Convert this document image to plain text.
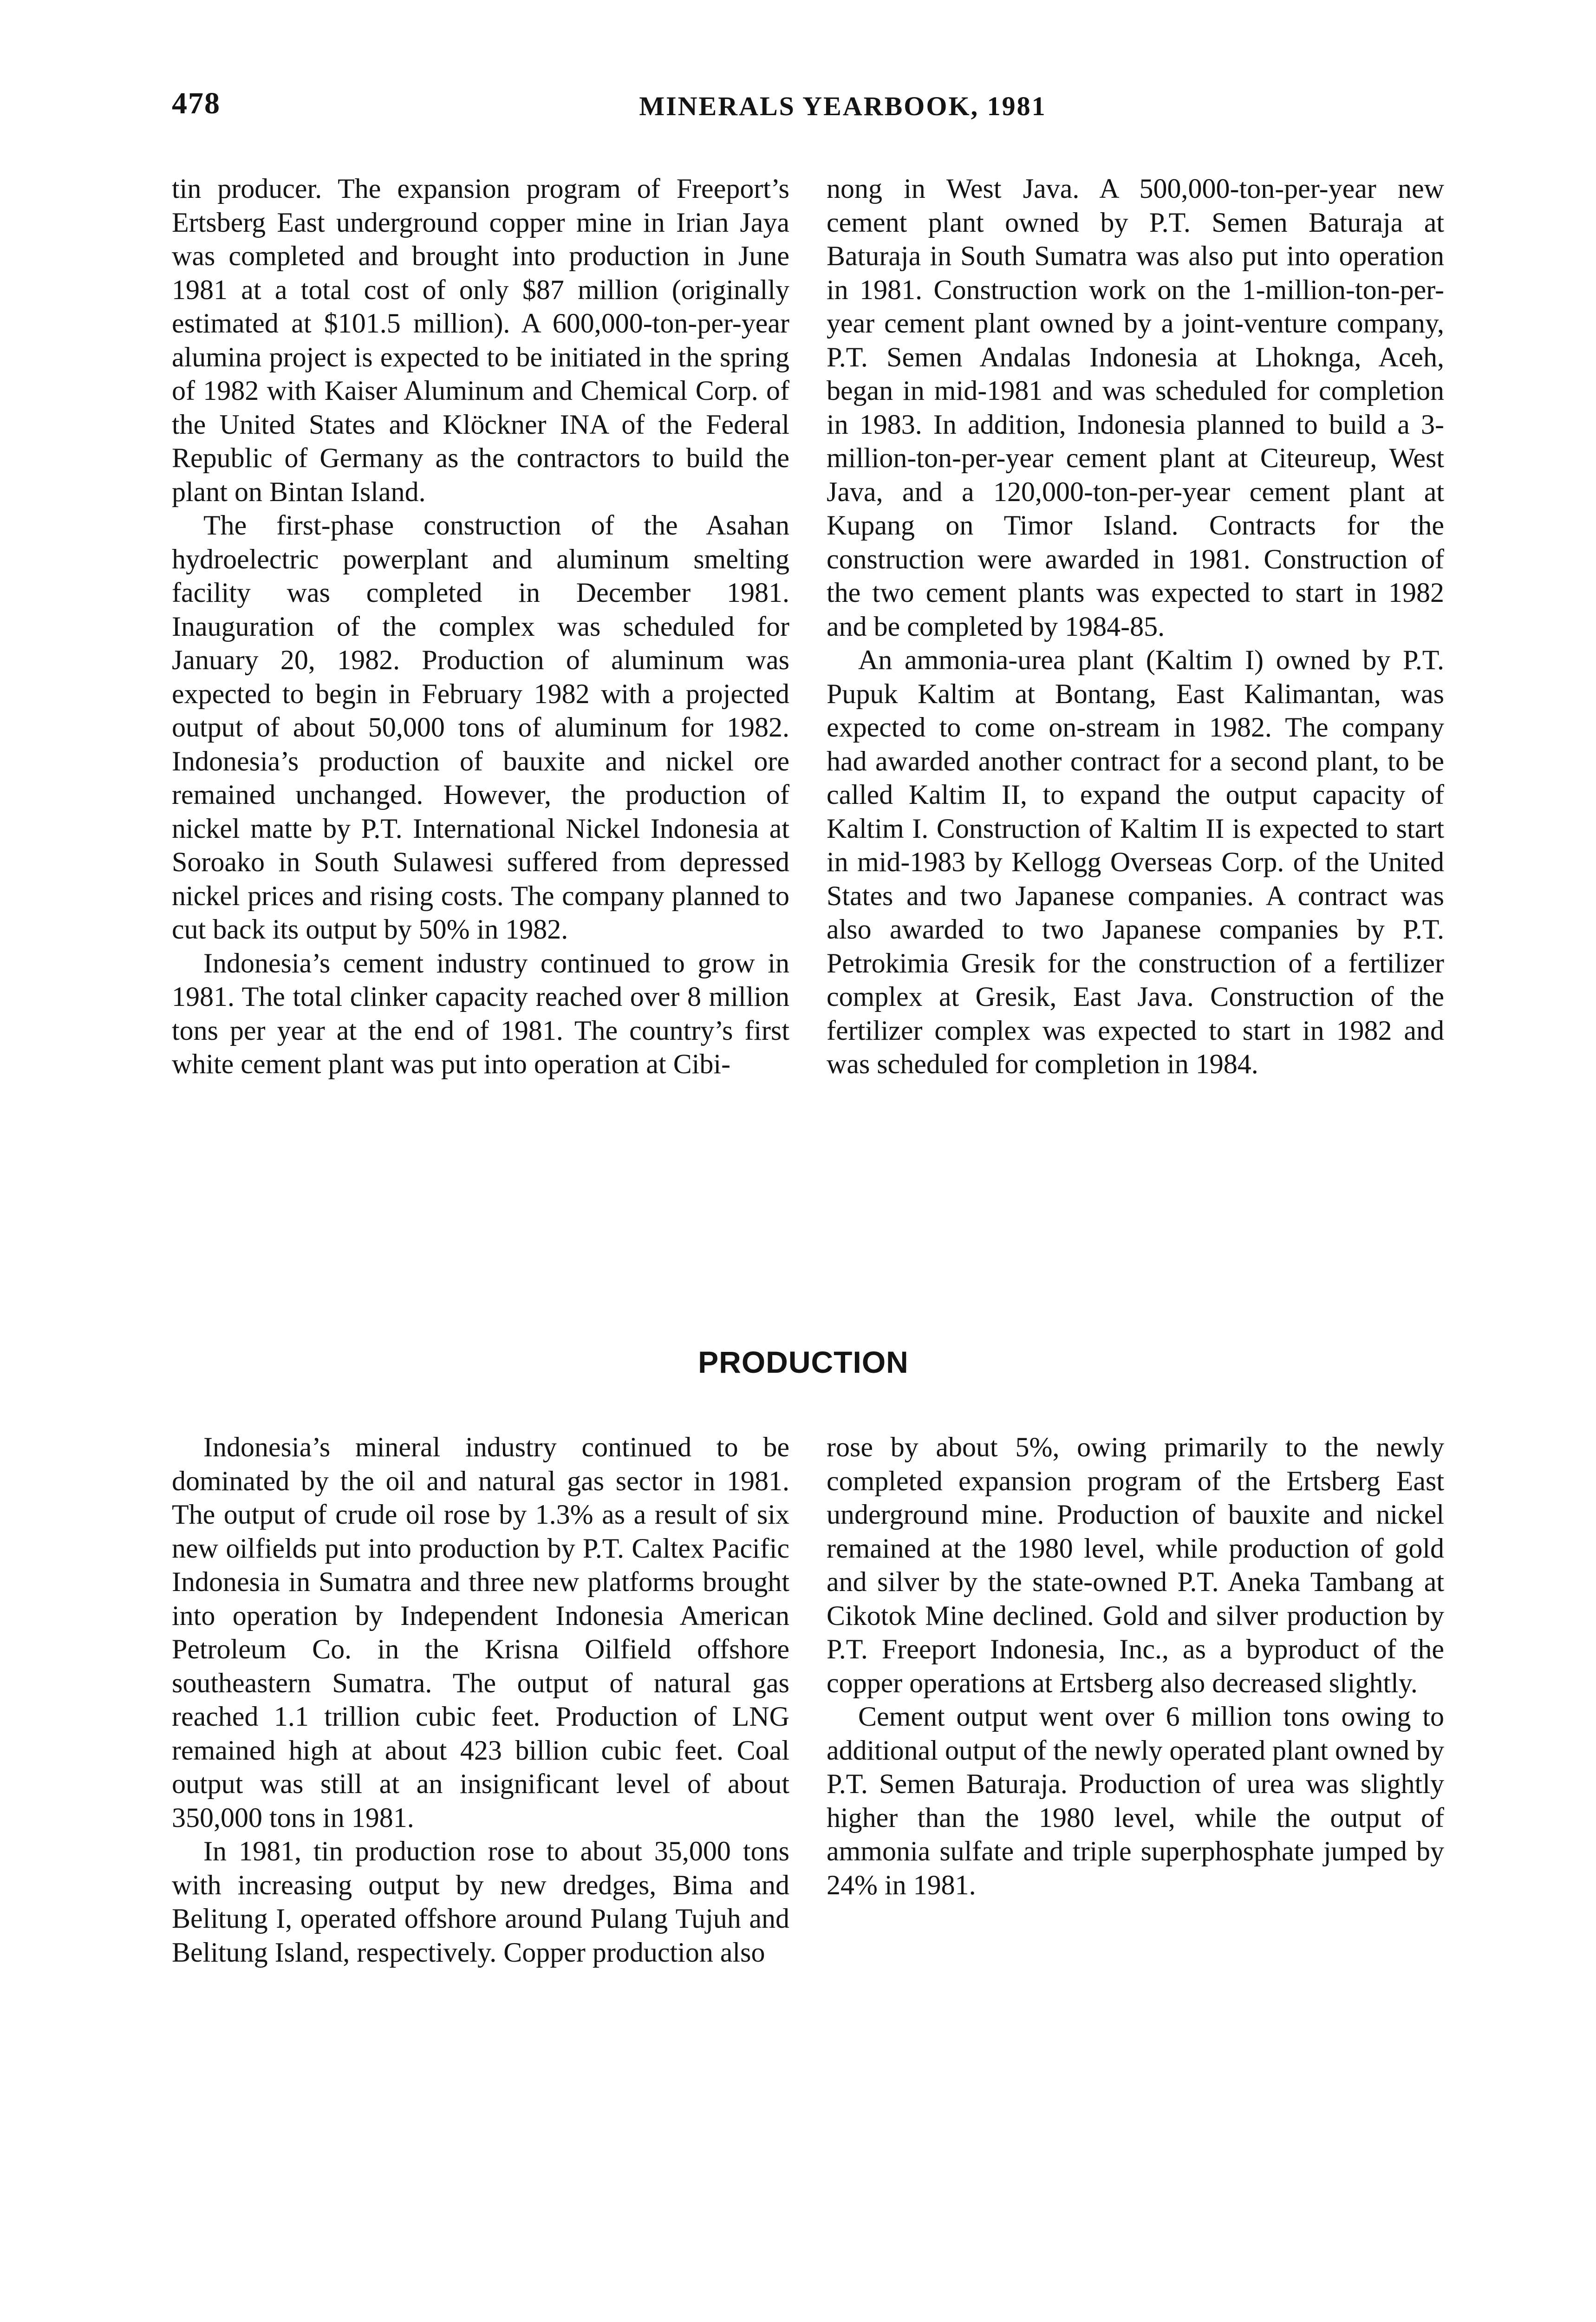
478	MINERALS YEARBOOK, 1981

tin producer. The expansion program of Freeport’s Ertsberg East underground copper mine in Irian Jaya was completed and brought into production in June 1981 at a total cost of only $87 million (originally estimated at $101.5 million). A 600,000-ton-per-year alumina project is expected to be initiated in the spring of 1982 with Kaiser Aluminum and Chemical Corp. of the United States and Klöckner INA of the Federal Republic of Germany as the contractors to build the plant on Bintan Island.

The first-phase construction of the Asahan hydroelectric powerplant and aluminum smelting facility was completed in December 1981. Inauguration of the complex was scheduled for January 20, 1982. Production of aluminum was expected to begin in February 1982 with a projected output of about 50,000 tons of aluminum for 1982. Indonesia’s production of bauxite and nickel ore remained unchanged. However, the production of nickel matte by P.T. International Nickel Indonesia at Soroako in South Sulawesi suffered from depressed nickel prices and rising costs. The company planned to cut back its output by 50% in 1982.

Indonesia’s cement industry continued to grow in 1981. The total clinker capacity reached over 8 million tons per year at the end of 1981. The country’s first white cement plant was put into operation at Cibi-

nong in West Java. A 500,000-ton-per-year new cement plant owned by P.T. Semen Baturaja at Baturaja in South Sumatra was also put into operation in 1981. Construction work on the 1-million-ton-per-year cement plant owned by a joint-venture company, P.T. Semen Andalas Indonesia at Lhoknga, Aceh, began in mid-1981 and was scheduled for completion in 1983. In addition, Indonesia planned to build a 3-million-ton-per-year cement plant at Citeureup, West Java, and a 120,000-ton-per-year cement plant at Kupang on Timor Island. Contracts for the construction were awarded in 1981. Construction of the two cement plants was expected to start in 1982 and be completed by 1984-85.

An ammonia-urea plant (Kaltim I) owned by P.T. Pupuk Kaltim at Bontang, East Kalimantan, was expected to come on-stream in 1982. The company had awarded another contract for a second plant, to be called Kaltim II, to expand the output capacity of Kaltim I. Construction of Kaltim II is expected to start in mid-1983 by Kellogg Overseas Corp. of the United States and two Japanese companies. A contract was also awarded to two Japanese companies by P.T. Petrokimia Gresik for the construction of a fertilizer complex at Gresik, East Java. Construction of the fertilizer complex was expected to start in 1982 and was scheduled for completion in 1984.

PRODUCTION

Indonesia’s mineral industry continued to be dominated by the oil and natural gas sector in 1981. The output of crude oil rose by 1.3% as a result of six new oilfields put into production by P.T. Caltex Pacific Indonesia in Sumatra and three new platforms brought into operation by Independent Indonesia American Petroleum Co. in the Krisna Oilfield offshore southeastern Sumatra. The output of natural gas reached 1.1 trillion cubic feet. Production of LNG remained high at about 423 billion cubic feet. Coal output was still at an insignificant level of about 350,000 tons in 1981.

In 1981, tin production rose to about 35,000 tons with increasing output by new dredges, Bima and Belitung I, operated offshore around Pulang Tujuh and Belitung Island, respectively. Copper production also

rose by about 5%, owing primarily to the newly completed expansion program of the Ertsberg East underground mine. Production of bauxite and nickel remained at the 1980 level, while production of gold and silver by the state-owned P.T. Aneka Tambang at Cikotok Mine declined. Gold and silver production by P.T. Freeport Indonesia, Inc., as a byproduct of the copper operations at Ertsberg also decreased slightly.

Cement output went over 6 million tons owing to additional output of the newly operated plant owned by P.T. Semen Baturaja. Production of urea was slightly higher than the 1980 level, while the output of ammonia sulfate and triple superphosphate jumped by 24% in 1981.
